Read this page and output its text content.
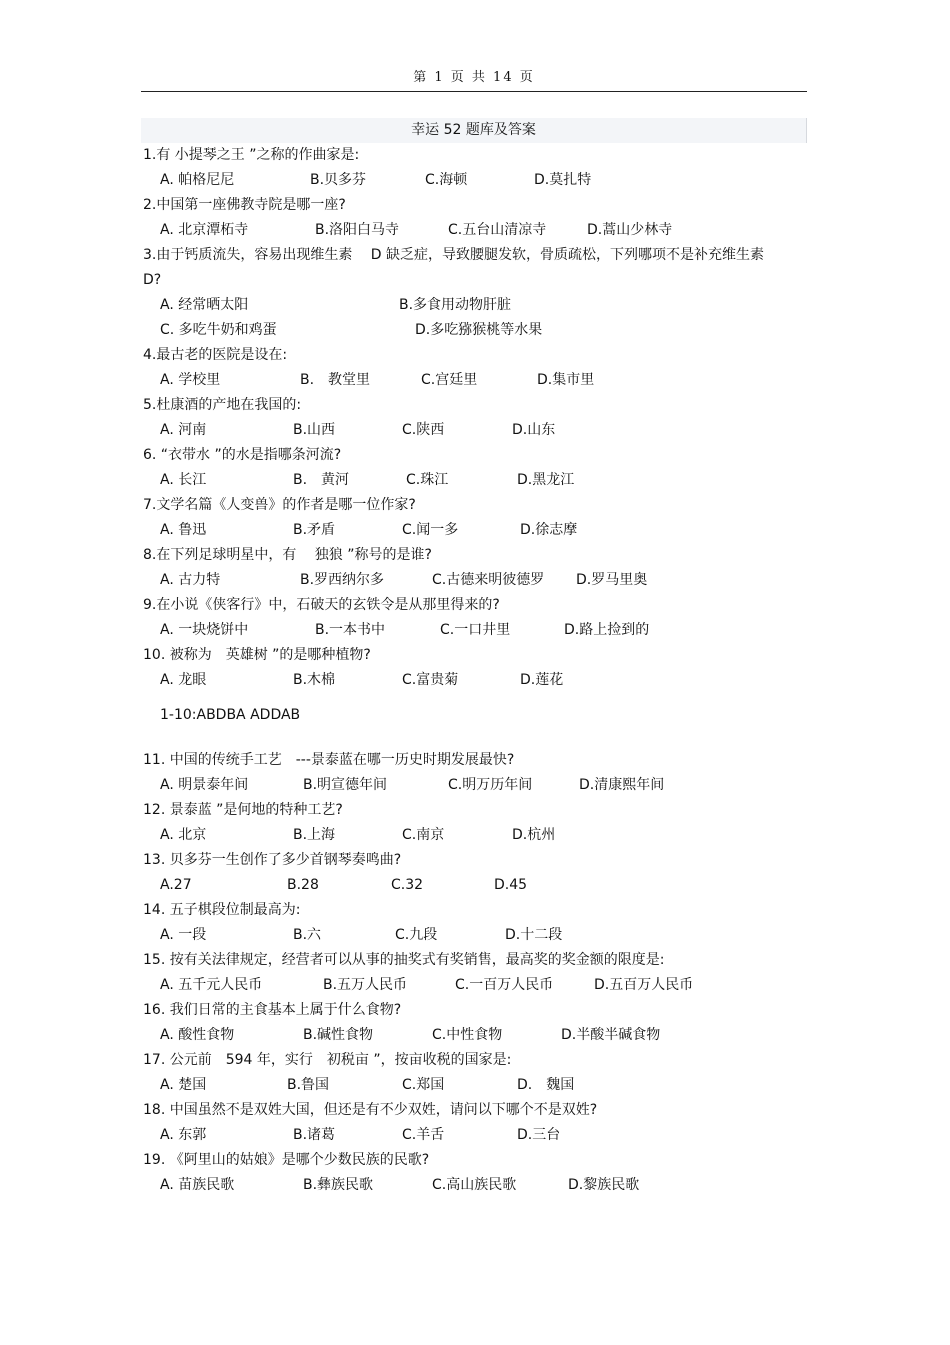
第 1 页 共 14 页
幸运 52 题库及答案
1.有 小提琴之王 ”之称的作曲家是:
A. 帕格尼尼	B.贝多芬	C.海顿	D.莫扎特
2.中国第一座佛教寺院是哪一座?
A. 北京潭柘寺	B.洛阳白马寺	C.五台山清凉寺	D.蒿山少林寺
3.由于钙质流失，容易出现维生素　 D 缺乏症，导致腰腿发软，骨质疏松，下列哪项不是补充维生素　D?
A. 经常晒太阳	B.多食用动物肝脏
C. 多吃牛奶和鸡蛋	D.多吃猕猴桃等水果
4.最古老的医院是设在:
A. 学校里	B.　教堂里	C.宫廷里	D.集市里
5.杜康酒的产地在我国的:
A. 河南	B.山西	C.陕西	D.山东
6. “衣带水 ”的水是指哪条河流?
A. 长江	B.　黄河	C.珠江	D.黑龙江
7.文学名篇《人变兽》的作者是哪一位作家?
A. 鲁迅	B.矛盾	C.闻一多	D.徐志摩
8.在下列足球明星中，有　 独狼 ”称号的是谁?
A. 古力特	B.罗西纳尔多	C.古德来明彼德罗 D.罗马里奥
9.在小说《侠客行》中，石破天的玄铁令是从那里得来的?
A. 一块烧饼中	B.一本书中	C.一口井里	D.路上捡到的
10. 被称为　英雄树 ”的是哪种植物?
A. 龙眼	B.木棉	C.富贵菊	D.莲花
1-10:ABDBA ADDAB
11. 中国的传统手工艺　---景泰蓝在哪一历史时期发展最快?
A. 明景泰年间	B.明宣德年间	C.明万历年间	D.清康熙年间
12. 景泰蓝 ”是何地的特种工艺?
A. 北京	B.上海	C.南京	D.杭州
13. 贝多芬一生创作了多少首钢琴奏鸣曲?
A.27	B.28	C.32	D.45
14. 五子棋段位制最高为:
A. 一段	B.六	C.九段	D.十二段
15. 按有关法律规定，经营者可以从事的抽奖式有奖销售，最高奖的奖金额的限度是:
A. 五千元人民币	B.五万人民币	C.一百万人民币	D.五百万人民币
16. 我们日常的主食基本上属于什么食物?
A. 酸性食物	B.碱性食物	C.中性食物	D.半酸半碱食物
17. 公元前　594 年，实行　初税亩 ”，按亩收税的国家是:
A. 楚国	B.鲁国	C.郑国	D.　魏国
18. 中国虽然不是双姓大国，但还是有不少双姓，请问以下哪个不是双姓?
A. 东郭	B.诸葛	C.羊舌	D.三台
19. 《阿里山的姑娘》是哪个少数民族的民歌?
A. 苗族民歌	B.彝族民歌	C.高山族民歌	D.黎族民歌
